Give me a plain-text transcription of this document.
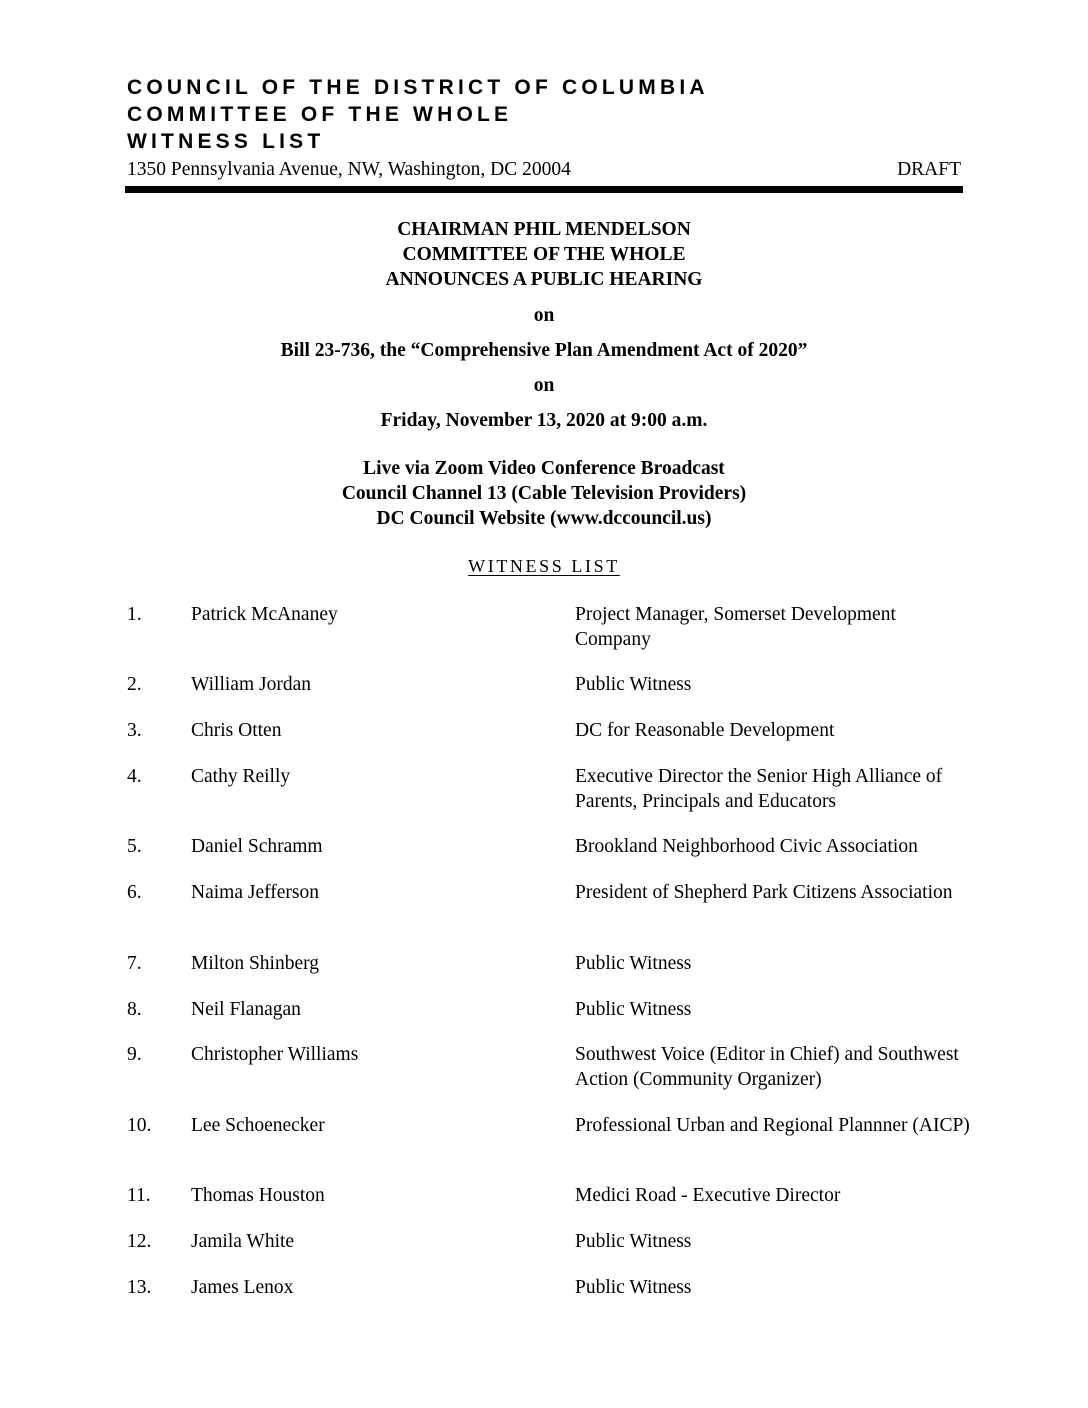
COUNCIL OF THE DISTRICT OF COLUMBIA
COMMITTEE OF THE WHOLE
WITNESS LIST
1350 Pennsylvania Avenue, NW, Washington, DC 20004	DRAFT
CHAIRMAN PHIL MENDELSON
COMMITTEE OF THE WHOLE
ANNOUNCES A PUBLIC HEARING
on
Bill 23-736, the “Comprehensive Plan Amendment Act of 2020”
on
Friday, November 13, 2020 at 9:00 a.m.
Live via Zoom Video Conference Broadcast
Council Channel 13 (Cable Television Providers)
DC Council Website (www.dccouncil.us)
WITNESS LIST
1.	Patrick McAnaney	Project Manager, Somerset Development Company
2.	William Jordan	Public Witness
3.	Chris Otten	DC for Reasonable Development
4.	Cathy Reilly	Executive Director the Senior High Alliance of Parents, Principals and Educators
5.	Daniel Schramm	Brookland Neighborhood Civic Association
6.	Naima Jefferson	President of Shepherd Park Citizens Association
7.	Milton Shinberg	Public Witness
8.	Neil Flanagan	Public Witness
9.	Christopher Williams	Southwest Voice (Editor in Chief) and Southwest Action (Community Organizer)
10. Lee Schoenecker	Professional Urban and Regional Plannner (AICP)
11. Thomas Houston	Medici Road - Executive Director
12. Jamila White	Public Witness
13. James Lenox	Public Witness
